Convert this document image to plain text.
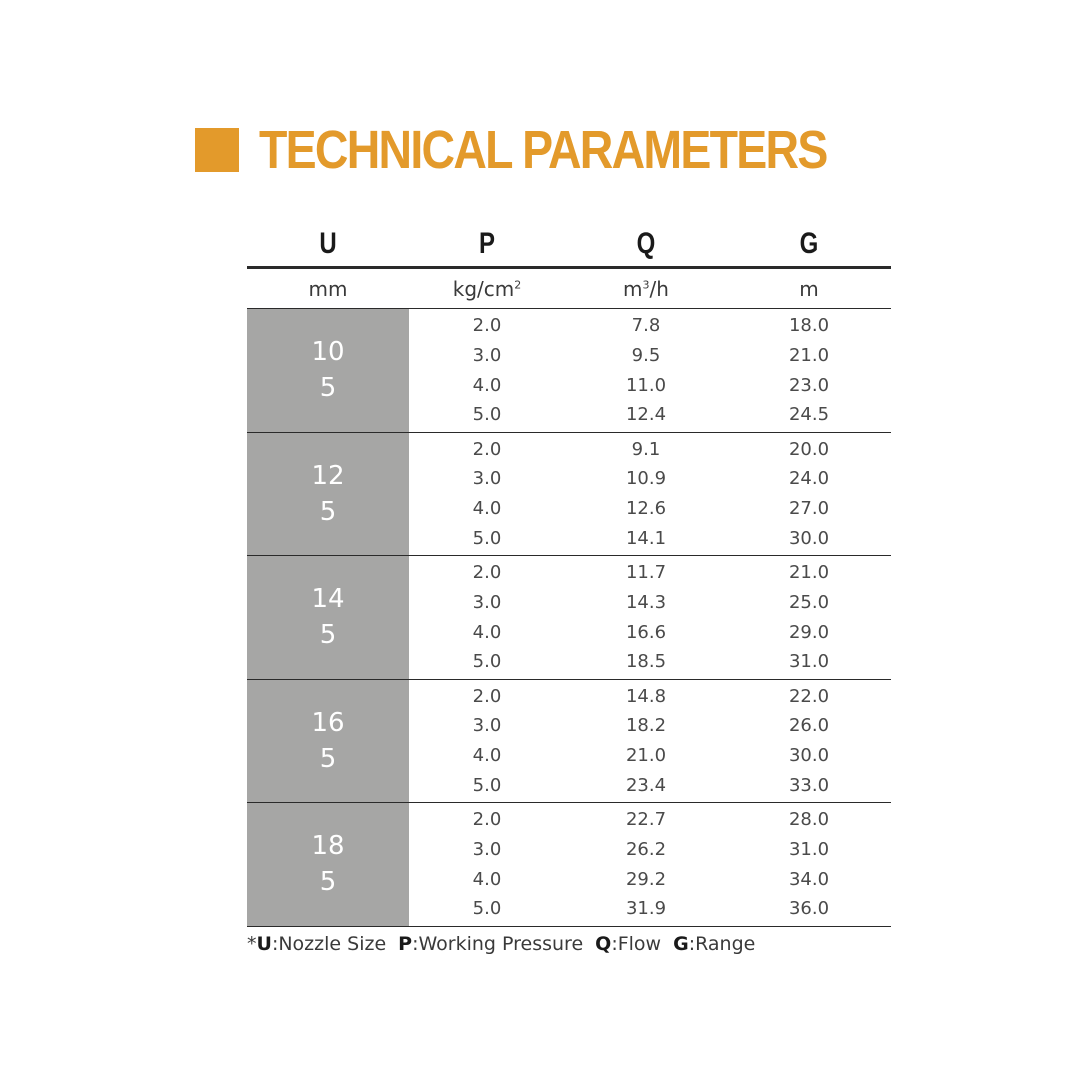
TECHNICAL PARAMETERS
U	P	Q	G
mm	$kg/cm^2$	$m^3/h$	m
10
5
2.0	7.8	18.0
3.0	9.5	21.0
4.0	11.0	23.0
5.0	12.4	24.5
12
5
2.0	9.1	20.0
3.0	10.9	24.0
4.0	12.6	27.0
5.0	14.1	30.0
14
5
2.0	11.7	21.0
3.0	14.3	25.0
4.0	16.6	29.0
5.0	18.5	31.0
16
5
2.0	14.8	22.0
3.0	18.2	26.0
4.0	21.0	30.0
5.0	23.4	33.0
18
5
2.0	22.7	28.0
3.0	26.2	31.0
4.0	29.2	34.0
5.0	31.9	36.0
*U:Nozzle Size P:Working Pressure Q:Flow G:Range
